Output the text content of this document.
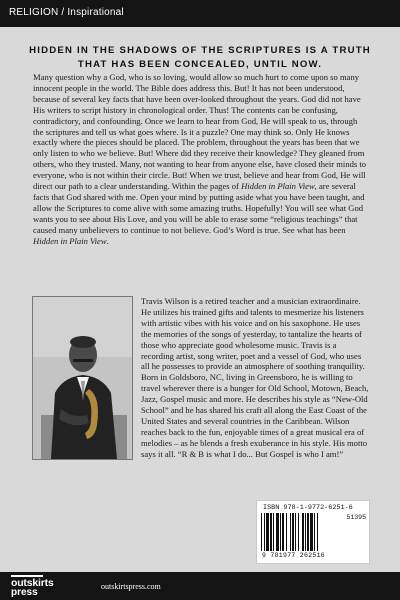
RELIGION / Inspirational
HIDDEN IN THE SHADOWS OF THE SCRIPTURES IS A TRUTH THAT HAS BEEN CONCEALED, UNTIL NOW.

Many question why a God, who is so loving, would allow so much hurt to come upon so many innocent people in the world. The Bible does address this. But! It has not been understood, because of several key facts that have been over-looked throughout the years. God did not have His writers to script history in chronological order. Thus! The contents can be confusing, contradictory, and confounding. Once we learn to hear from God, He will speak to us, through the scriptures and tell us what goes where. Is it a puzzle? One may think so. Only He knows exactly where the pieces should be placed. The problem, throughout the years has been that we only listen to who we believe. But! Where did they receive their knowledge? They gleaned from others, who they trusted. Many, not wanting to hear from anyone else, have closed their minds to everyone, who is not within their circle. But! When we trust, believe and hear from God, He will direct our path to a clear understanding. Within the pages of Hidden in Plain View, are several facts that God shared with me. Open your mind by putting aside what you have been taught, and allow the Scriptures to come alive with some amazing truths. Hopefully! You will see what God wants you to see about His Love, and you will be able to erase some “religious teachings” that caused many unbelievers to continue to not believe. God’s Word is true. See what has been Hidden in Plain View.

Travis Wilson is a retired teacher and a musician extraordinaire. He utilizes his trained gifts and talents to mesmerize his listeners with artistic vibes with his voice and on his saxophone. He uses the memories of the songs of yesterday, to tantalize the hearts of those who appreciate good wholesome music. Travis is a recording artist, song writer, poet and a vessel of God, who uses all he possesses to provide an atmosphere of soothing tranquility. Born in Goldsboro, NC, living in Greensboro, he is willing to travel wherever there is a hunger for Old School, Motown, Beach, Jazz, Gospel music and more. He describes his style as “New-Old School” and he has shared his craft all along the East Coast of the United States and several countries in the Caribbean. Wilson reaches back to the fun, enjoyable times of a great musical era of melodies – as he blends a fresh exuberance in his style. His motto says it all. “R & B is what I do... But Gospel is who I am!”

ISBN 978-1-9772-6251-6
51395
9 781977 262516
outskirts
press
outskirtspress.com
